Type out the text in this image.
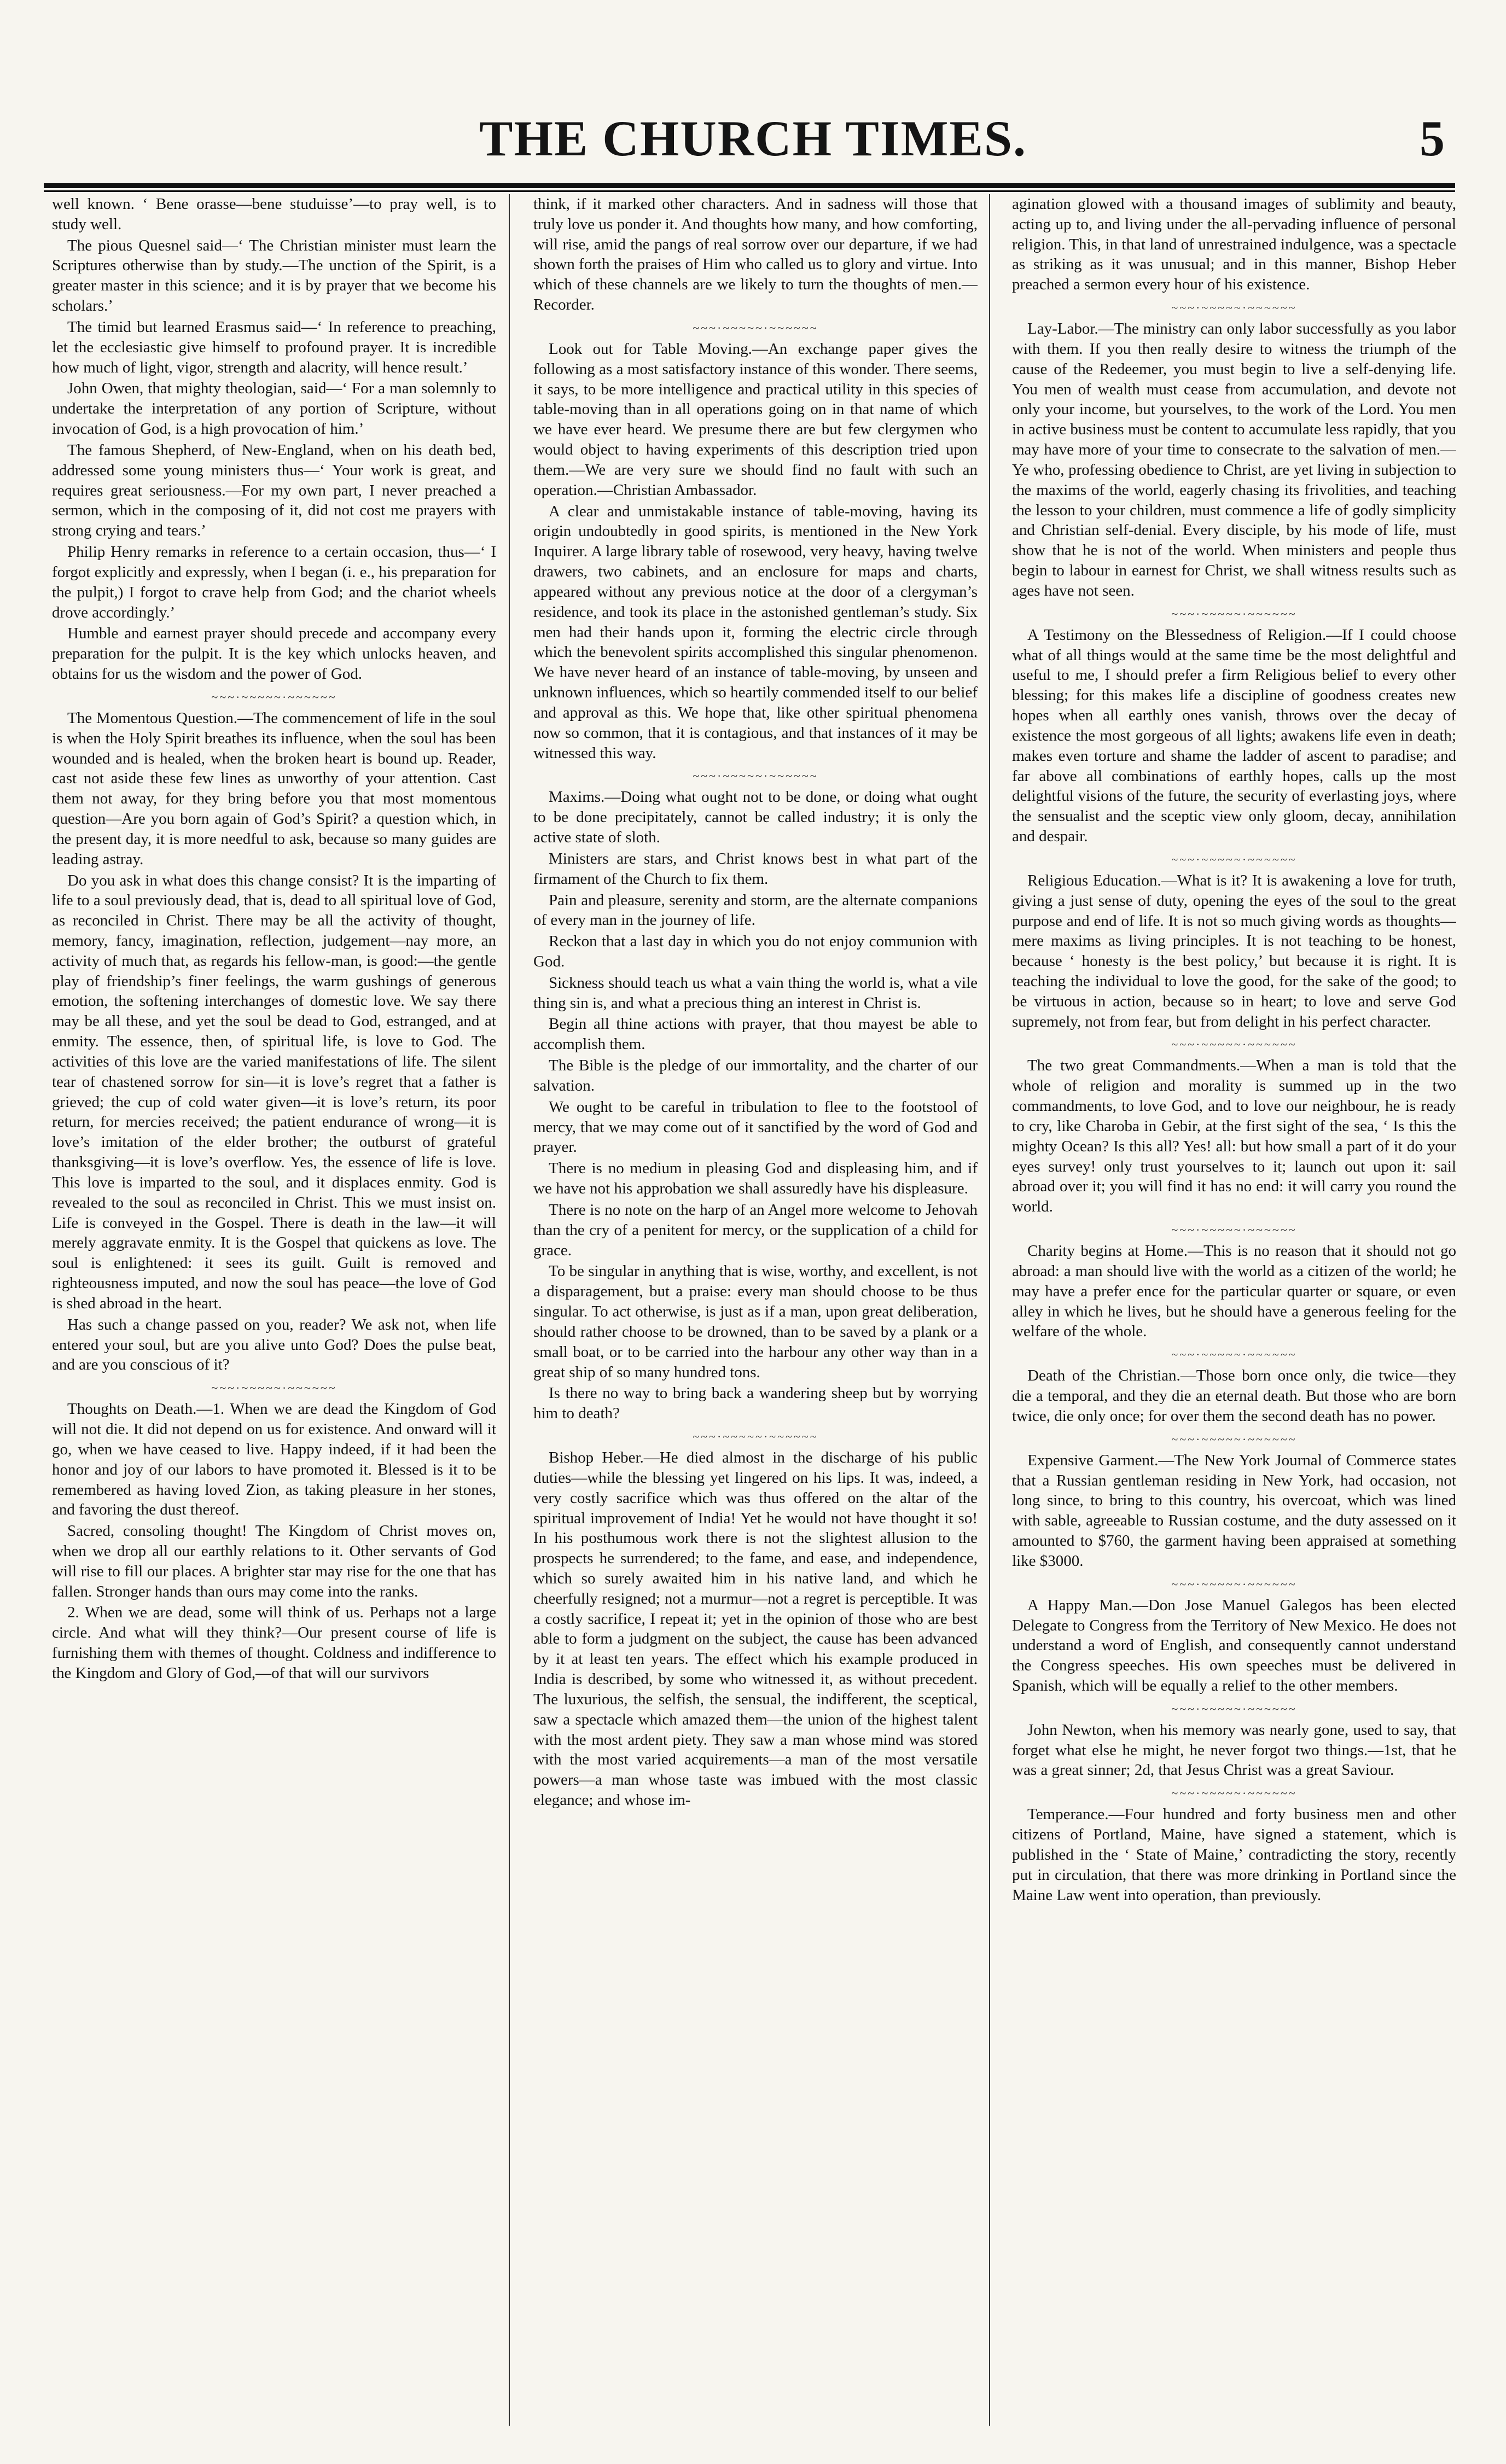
THE CHURCH TIMES.	5

well known. ‘ Bene orasse—bene studuisse’—to pray well, is to study well.

The pious Quesnel said—‘ The Christian minister must learn the Scriptures otherwise than by study.—The unction of the Spirit, is a greater master in this science; and it is by prayer that we become his scholars.’

The timid but learned Erasmus said—‘ In reference to preaching, let the ecclesiastic give himself to profound prayer. It is incredible how much of light, vigor, strength and alacrity, will hence result.’

John Owen, that mighty theologian, said—‘ For a man solemnly to undertake the interpretation of any portion of Scripture, without invocation of God, is a high provocation of him.’

The famous Shepherd, of New-England, when on his death bed, addressed some young ministers thus—‘ Your work is great, and requires great seriousness.—For my own part, I never preached a sermon, which in the composing of it, did not cost me prayers with strong crying and tears.’

Philip Henry remarks in reference to a certain occasion, thus—‘ I forgot explicitly and expressly, when I began (i. e., his preparation for the pulpit,) I forgot to crave help from God; and the chariot wheels drove accordingly.’

Humble and earnest prayer should precede and accompany every preparation for the pulpit. It is the key which unlocks heaven, and obtains for us the wisdom and the power of God.

~~~·~~~~~·~~~~~~

The Momentous Question.—The commencement of life in the soul is when the Holy Spirit breathes its influence, when the soul has been wounded and is healed, when the broken heart is bound up. Reader, cast not aside these few lines as unworthy of your attention. Cast them not away, for they bring before you that most momentous question—Are you born again of God’s Spirit? a question which, in the present day, it is more needful to ask, because so many guides are leading astray.

Do you ask in what does this change consist? It is the imparting of life to a soul previously dead, that is, dead to all spiritual love of God, as reconciled in Christ. There may be all the activity of thought, memory, fancy, imagination, reflection, judgement—nay more, an activity of much that, as regards his fellow-man, is good:—the gentle play of friendship’s finer feelings, the warm gushings of generous emotion, the softening interchanges of domestic love. We say there may be all these, and yet the soul be dead to God, estranged, and at enmity. The essence, then, of spiritual life, is love to God. The activities of this love are the varied manifestations of life. The silent tear of chastened sorrow for sin—it is love’s regret that a father is grieved; the cup of cold water given—it is love’s return, its poor return, for mercies received; the patient endurance of wrong—it is love’s imitation of the elder brother; the outburst of grateful thanksgiving—it is love’s overflow. Yes, the essence of life is love. This love is imparted to the soul, and it displaces enmity. God is revealed to the soul as reconciled in Christ. This we must insist on. Life is conveyed in the Gospel. There is death in the law—it will merely aggravate enmity. It is the Gospel that quickens as love. The soul is enlightened: it sees its guilt. Guilt is removed and righteousness imputed, and now the soul has peace—the love of God is shed abroad in the heart.

Has such a change passed on you, reader? We ask not, when life entered your soul, but are you alive unto God? Does the pulse beat, and are you conscious of it?

~~~·~~~~~·~~~~~~

Thoughts on Death.—1. When we are dead the Kingdom of God will not die. It did not depend on us for existence. And onward will it go, when we have ceased to live. Happy indeed, if it had been the honor and joy of our labors to have promoted it. Blessed is it to be remembered as having loved Zion, as taking pleasure in her stones, and favoring the dust thereof.

Sacred, consoling thought! The Kingdom of Christ moves on, when we drop all our earthly relations to it. Other servants of God will rise to fill our places. A brighter star may rise for the one that has fallen. Stronger hands than ours may come into the ranks.

2. When we are dead, some will think of us. Perhaps not a large circle. And what will they think?—Our present course of life is furnishing them with themes of thought. Coldness and indifference to the Kingdom and Glory of God,—of that will our survivors

think, if it marked other characters. And in sadness will those that truly love us ponder it. And thoughts how many, and how comforting, will rise, amid the pangs of real sorrow over our departure, if we had shown forth the praises of Him who called us to glory and virtue. Into which of these channels are we likely to turn the thoughts of men.—Recorder.

~~~·~~~~~·~~~~~~

Look out for Table Moving.—An exchange paper gives the following as a most satisfactory instance of this wonder. There seems, it says, to be more intelligence and practical utility in this species of table-moving than in all operations going on in that name of which we have ever heard. We presume there are but few clergymen who would object to having experiments of this description tried upon them.—We are very sure we should find no fault with such an operation.—Christian Ambassador.

A clear and unmistakable instance of table-moving, having its origin undoubtedly in good spirits, is mentioned in the New York Inquirer. A large library table of rosewood, very heavy, having twelve drawers, two cabinets, and an enclosure for maps and charts, appeared without any previous notice at the door of a clergyman’s residence, and took its place in the astonished gentleman’s study. Six men had their hands upon it, forming the electric circle through which the benevolent spirits accomplished this singular phenomenon. We have never heard of an instance of table-moving, by unseen and unknown influences, which so heartily commended itself to our belief and approval as this. We hope that, like other spiritual phenomena now so common, that it is contagious, and that instances of it may be witnessed this way.

~~~·~~~~~·~~~~~~

Maxims.—Doing what ought not to be done, or doing what ought to be done precipitately, cannot be called industry; it is only the active state of sloth.

Ministers are stars, and Christ knows best in what part of the firmament of the Church to fix them.

Pain and pleasure, serenity and storm, are the alternate companions of every man in the journey of life.

Reckon that a last day in which you do not enjoy communion with God.

Sickness should teach us what a vain thing the world is, what a vile thing sin is, and what a precious thing an interest in Christ is.

Begin all thine actions with prayer, that thou mayest be able to accomplish them.

The Bible is the pledge of our immortality, and the charter of our salvation.

We ought to be careful in tribulation to flee to the footstool of mercy, that we may come out of it sanctified by the word of God and prayer.

There is no medium in pleasing God and displeasing him, and if we have not his approbation we shall assuredly have his displeasure.

There is no note on the harp of an Angel more welcome to Jehovah than the cry of a penitent for mercy, or the supplication of a child for grace.

To be singular in anything that is wise, worthy, and excellent, is not a disparagement, but a praise: every man should choose to be thus singular. To act otherwise, is just as if a man, upon great deliberation, should rather choose to be drowned, than to be saved by a plank or a small boat, or to be carried into the harbour any other way than in a great ship of so many hundred tons.

Is there no way to bring back a wandering sheep but by worrying him to death?

~~~·~~~~~·~~~~~~

Bishop Heber.—He died almost in the discharge of his public duties—while the blessing yet lingered on his lips. It was, indeed, a very costly sacrifice which was thus offered on the altar of the spiritual improvement of India! Yet he would not have thought it so! In his posthumous work there is not the slightest allusion to the prospects he surrendered; to the fame, and ease, and independence, which so surely awaited him in his native land, and which he cheerfully resigned; not a murmur—not a regret is perceptible. It was a costly sacrifice, I repeat it; yet in the opinion of those who are best able to form a judgment on the subject, the cause has been advanced by it at least ten years. The effect which his example produced in India is described, by some who witnessed it, as without precedent. The luxurious, the selfish, the sensual, the indifferent, the sceptical, saw a spectacle which amazed them—the union of the highest talent with the most ardent piety. They saw a man whose mind was stored with the most varied acquirements—a man of the most versatile powers—a man whose taste was imbued with the most classic elegance; and whose im-

agination glowed with a thousand images of sublimity and beauty, acting up to, and living under the all-pervading influence of personal religion. This, in that land of unrestrained indulgence, was a spectacle as striking as it was unusual; and in this manner, Bishop Heber preached a sermon every hour of his existence.

~~~·~~~~~·~~~~~~

Lay-Labor.—The ministry can only labor successfully as you labor with them. If you then really desire to witness the triumph of the cause of the Redeemer, you must begin to live a self-denying life. You men of wealth must cease from accumulation, and devote not only your income, but yourselves, to the work of the Lord. You men in active business must be content to accumulate less rapidly, that you may have more of your time to consecrate to the salvation of men.—Ye who, professing obedience to Christ, are yet living in subjection to the maxims of the world, eagerly chasing its frivolities, and teaching the lesson to your children, must commence a life of godly simplicity and Christian self-denial. Every disciple, by his mode of life, must show that he is not of the world. When ministers and people thus begin to labour in earnest for Christ, we shall witness results such as ages have not seen.

~~~·~~~~~·~~~~~~

A Testimony on the Blessedness of Religion.—If I could choose what of all things would at the same time be the most delightful and useful to me, I should prefer a firm Religious belief to every other blessing; for this makes life a discipline of goodness creates new hopes when all earthly ones vanish, throws over the decay of existence the most gorgeous of all lights; awakens life even in death; makes even torture and shame the ladder of ascent to paradise; and far above all combinations of earthly hopes, calls up the most delightful visions of the future, the security of everlasting joys, where the sensualist and the sceptic view only gloom, decay, annihilation and despair.

~~~·~~~~~·~~~~~~

Religious Education.—What is it? It is awakening a love for truth, giving a just sense of duty, opening the eyes of the soul to the great purpose and end of life. It is not so much giving words as thoughts—mere maxims as living principles. It is not teaching to be honest, because ‘ honesty is the best policy,’ but because it is right. It is teaching the individual to love the good, for the sake of the good; to be virtuous in action, because so in heart; to love and serve God supremely, not from fear, but from delight in his perfect character.

~~~·~~~~~·~~~~~~

The two great Commandments.—When a man is told that the whole of religion and morality is summed up in the two commandments, to love God, and to love our neighbour, he is ready to cry, like Charoba in Gebir, at the first sight of the sea, ‘ Is this the mighty Ocean? Is this all? Yes! all: but how small a part of it do your eyes survey! only trust yourselves to it; launch out upon it: sail abroad over it; you will find it has no end: it will carry you round the world.

~~~·~~~~~·~~~~~~

Charity begins at Home.—This is no reason that it should not go abroad: a man should live with the world as a citizen of the world; he may have a prefer ence for the particular quarter or square, or even alley in which he lives, but he should have a generous feeling for the welfare of the whole.

~~~·~~~~~·~~~~~~

Death of the Christian.—Those born once only, die twice—they die a temporal, and they die an eternal death. But those who are born twice, die only once; for over them the second death has no power.

~~~·~~~~~·~~~~~~

Expensive Garment.—The New York Journal of Commerce states that a Russian gentleman residing in New York, had occasion, not long since, to bring to this country, his overcoat, which was lined with sable, agreeable to Russian costume, and the duty assessed on it amounted to $760, the garment having been appraised at something like $3000.

~~~·~~~~~·~~~~~~

A Happy Man.—Don Jose Manuel Galegos has been elected Delegate to Congress from the Territory of New Mexico. He does not understand a word of English, and consequently cannot understand the Congress speeches. His own speeches must be delivered in Spanish, which will be equally a relief to the other members.

~~~·~~~~~·~~~~~~

John Newton, when his memory was nearly gone, used to say, that forget what else he might, he never forgot two things.—1st, that he was a great sinner; 2d, that Jesus Christ was a great Saviour.

~~~·~~~~~·~~~~~~

Temperance.—Four hundred and forty business men and other citizens of Portland, Maine, have signed a statement, which is published in the ‘ State of Maine,’ contradicting the story, recently put in circulation, that there was more drinking in Portland since the Maine Law went into operation, than previously.
